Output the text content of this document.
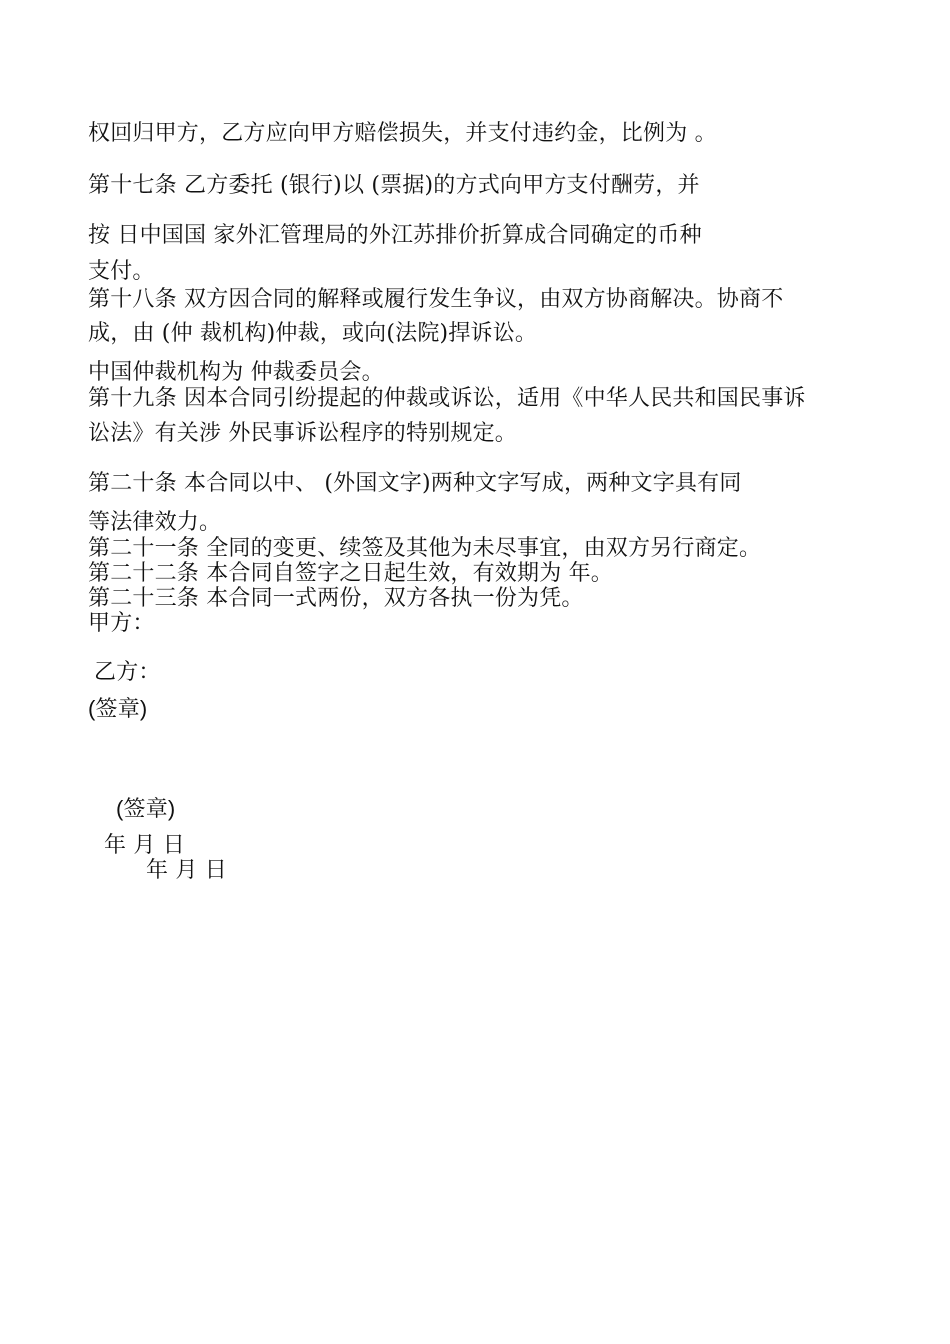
权回归甲方，乙方应向甲方赔偿损失，并支付违约金，比例为 。
第十七条 乙方委托 (银行)以 (票据)的方式向甲方支付酬劳，并
按 日中国国 家外汇管理局的外江苏排价折算成合同确定的币种
支付。
第十八条 双方因合同的解释或履行发生争议，由双方协商解决。协商不
成，由 (仲 裁机构)仲裁，或向(法院)捍诉讼。
中国仲裁机构为 仲裁委员会。
第十九条 因本合同引纷提起的仲裁或诉讼，适用《中华人民共和国民事诉
讼法》有关涉 外民事诉讼程序的特别规定。
第二十条 本合同以中、 (外国文字)两种文字写成，两种文字具有同
等法律效力。
第二十一条 全同的变更、续签及其他为未尽事宜，由双方另行商定。
第二十二条 本合同自签字之日起生效，有效期为 年。
第二十三条 本合同一式两份，双方各执一份为凭。
甲方：
乙方：
(签章)
(签章)
年 月 日
年 月 日
